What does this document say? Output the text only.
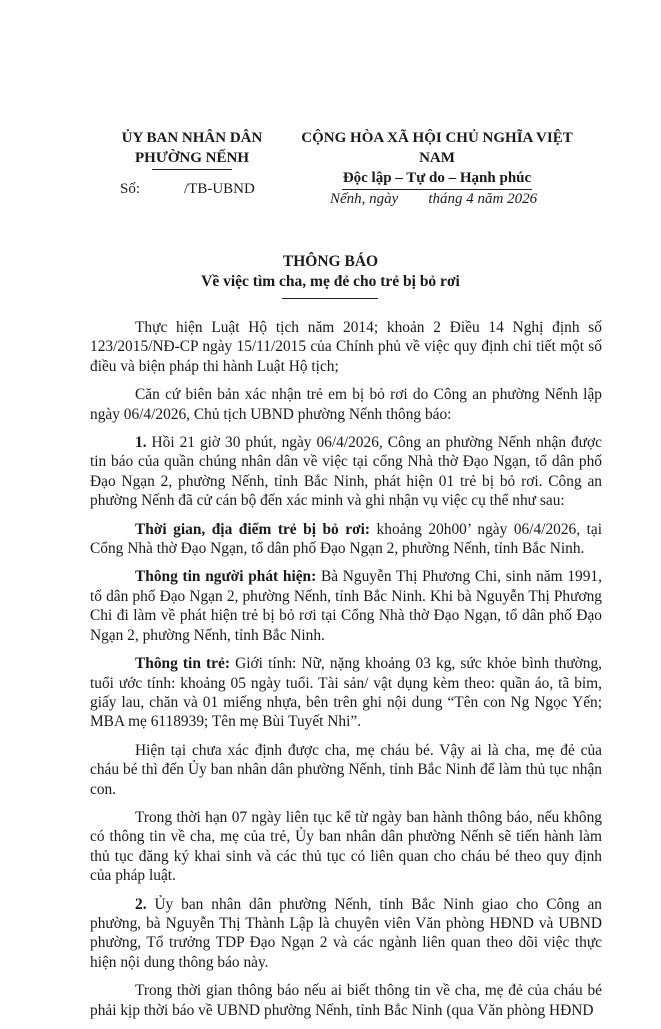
ỦY BAN NHÂN DÂN
PHƯỜNG NẾNH
CỘNG HÒA XÃ HỘI CHỦ NGHĨA VIỆT NAM
Độc lập – Tự do – Hạnh phúc
Số:	/TB-UBND
Nếnh, ngày tháng 4 năm 2026
THÔNG BÁO
Về việc tìm cha, mẹ đẻ cho trẻ bị bỏ rơi

Thực hiện Luật Hộ tịch năm 2014; khoản 2 Điều 14 Nghị định số 123/2015/NĐ-CP ngày 15/11/2015 của Chính phủ về việc quy định chi tiết một số điều và biện pháp thi hành Luật Hộ tịch;

Căn cứ biên bản xác nhận trẻ em bị bỏ rơi do Công an phường Nếnh lập ngày 06/4/2026, Chủ tịch UBND phường Nếnh thông báo:

1. Hồi 21 giờ 30 phút, ngày 06/4/2026, Công an phường Nếnh nhận được tin báo của quần chúng nhân dân về việc tại cổng Nhà thờ Đạo Ngạn, tổ dân phố Đạo Ngạn 2, phường Nếnh, tỉnh Bắc Ninh, phát hiện 01 trẻ bị bỏ rơi. Công an phường Nếnh đã cử cán bộ đến xác minh và ghi nhận vụ việc cụ thể như sau:

Thời gian, địa điểm trẻ bị bỏ rơi: khoảng 20h00’ ngày 06/4/2026, tại Cổng Nhà thờ Đạo Ngạn, tổ dân phố Đạo Ngạn 2, phường Nếnh, tỉnh Bắc Ninh.

Thông tin người phát hiện: Bà Nguyễn Thị Phương Chi, sinh năm 1991, tổ dân phố Đạo Ngạn 2, phường Nếnh, tỉnh Bắc Ninh. Khi bà Nguyễn Thị Phương Chi đi làm về phát hiện trẻ bị bỏ rơi tại Cổng Nhà thờ Đạo Ngạn, tổ dân phố Đạo Ngạn 2, phường Nếnh, tỉnh Bắc Ninh.

Thông tin trẻ: Giới tính: Nữ, nặng khoảng 03 kg, sức khỏe bình thường, tuổi ước tính: khoảng 05 ngày tuổi. Tài sản/ vật dụng kèm theo: quần áo, tã bỉm, giấy lau, chăn và 01 miếng nhựa, bên trên ghi nội dung “Tên con Ng Ngọc Yến; MBA mẹ 6118939; Tên mẹ Bùi Tuyết Nhi”.

Hiện tại chưa xác định được cha, mẹ cháu bé. Vậy ai là cha, mẹ đẻ của cháu bé thì đến Ủy ban nhân dân phường Nếnh, tỉnh Bắc Ninh để làm thủ tục nhận con.

Trong thời hạn 07 ngày liên tục kể từ ngày ban hành thông báo, nếu không có thông tin về cha, mẹ của trẻ, Ủy ban nhân dân phường Nếnh sẽ tiến hành làm thủ tục đăng ký khai sinh và các thủ tục có liên quan cho cháu bé theo quy định của pháp luật.

2. Ủy ban nhân dân phường Nếnh, tỉnh Bắc Ninh giao cho Công an phường, bà Nguyễn Thị Thành Lập là chuyên viên Văn phòng HĐND và UBND phường, Tổ trưởng TDP Đạo Ngạn 2 và các ngành liên quan theo dõi việc thực hiện nội dung thông báo này.

Trong thời gian thông báo nếu ai biết thông tin về cha, mẹ đẻ của cháu bé phải kịp thời báo về UBND phường Nếnh, tỉnh Bắc Ninh (qua Văn phòng HĐND
